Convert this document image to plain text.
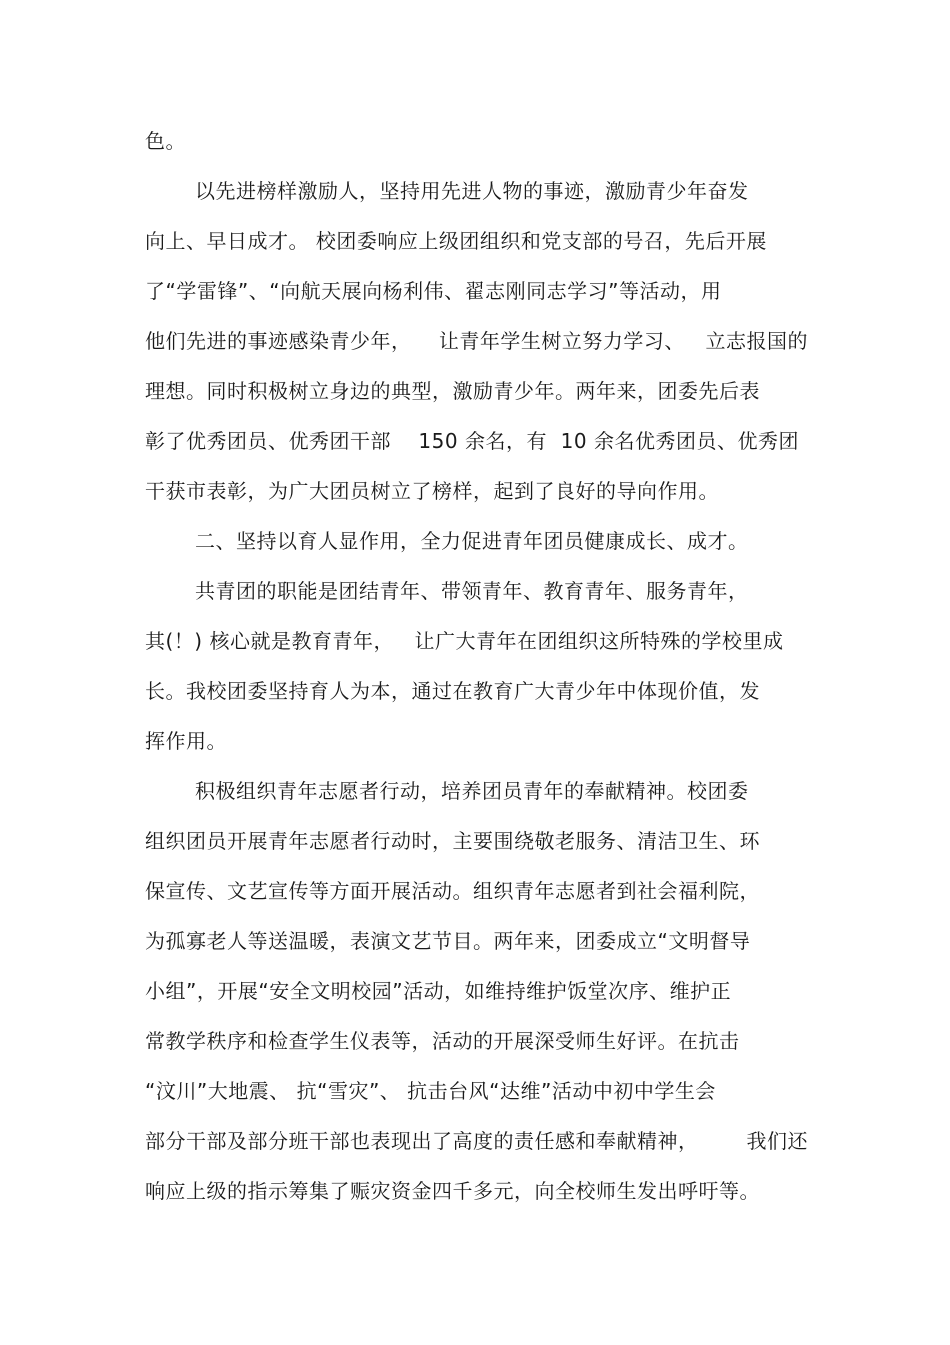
色。
以先进榜样激励人，坚持用先进人物的事迹，激励青少年奋发
向上、早日成才。 校团委响应上级团组织和党支部的号召，先后开展
了“学雷锋”、“向航天展向杨利伟、翟志刚同志学习”等活动，用
他们先进的事迹感染青少年，    让青年学生树立努力学习、   立志报国的
理想。同时积极树立身边的典型，激励青少年。两年来，团委先后表
彰了优秀团员、优秀团干部    150 余名，有  10 余名优秀团员、优秀团
干获市表彰，为广大团员树立了榜样，起到了良好的导向作用。
二、坚持以育人显作用，全力促进青年团员健康成长、成才。
共青团的职能是团结青年、带领青年、教育青年、服务青年，
其(！) 核心就是教育青年，   让广大青年在团组织这所特殊的学校里成
长。我校团委坚持育人为本，通过在教育广大青少年中体现价值，发
挥作用。
积极组织青年志愿者行动，培养团员青年的奉献精神。校团委
组织团员开展青年志愿者行动时，主要围绕敬老服务、清洁卫生、环
保宣传、文艺宣传等方面开展活动。组织青年志愿者到社会福利院，
为孤寡老人等送温暖，表演文艺节目。两年来，团委成立“文明督导
小组”，开展“安全文明校园”活动，如维持维护饭堂次序、维护正
常教学秩序和检查学生仪表等，活动的开展深受师生好评。在抗击
“汶川”大地震、 抗“雪灾”、 抗击台风“达维”活动中初中学生会
部分干部及部分班干部也表现出了高度的责任感和奉献精神，       我们还
响应上级的指示筹集了赈灾资金四千多元，向全校师生发出呼吁等。
